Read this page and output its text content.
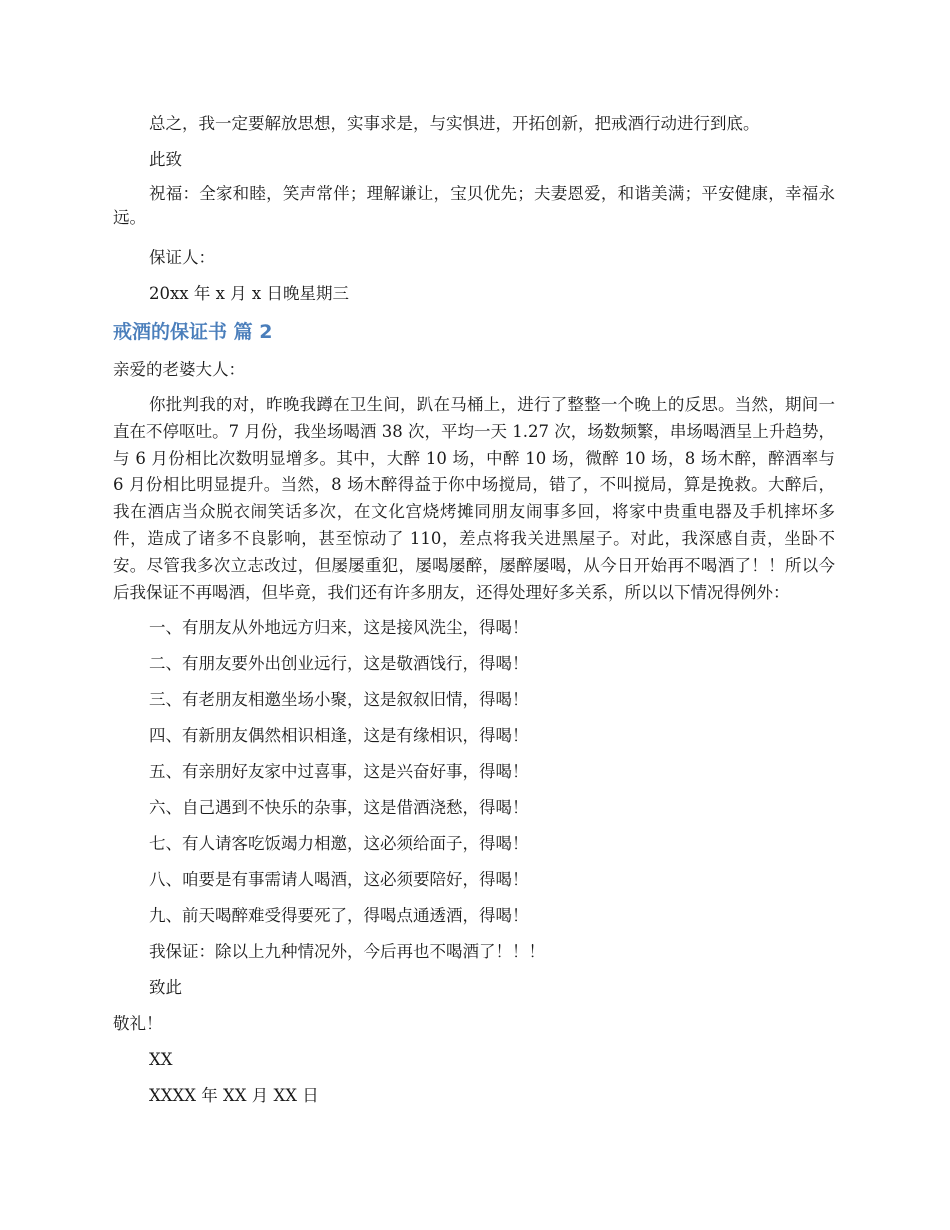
总之，我一定要解放思想，实事求是，与实惧进，开拓创新，把戒酒行动进行到底。

此致

祝福：全家和睦，笑声常伴；理解谦让，宝贝优先；夫妻恩爱，和谐美满；平安健康，幸福永远。

保证人：

20xx 年 x 月 x 日晚星期三

戒酒的保证书 篇 2

亲爱的老婆大人：

你批判我的对，昨晚我蹲在卫生间，趴在马桶上，进行了整整一个晚上的反思。当然，期间一直在不停呕吐。7 月份，我坐场喝酒 38 次，平均一天 1.27 次，场数频繁，串场喝酒呈上升趋势，与 6 月份相比次数明显增多。其中，大醉 10 场，中醉 10 场，微醉 10 场，8 场木醉，醉酒率与 6 月份相比明显提升。当然，8 场木醉得益于你中场搅局，错了，不叫搅局，算是挽救。大醉后，我在酒店当众脱衣闹笑话多次，在文化宫烧烤摊同朋友闹事多回，将家中贵重电器及手机摔坏多件，造成了诸多不良影响，甚至惊动了 110，差点将我关进黑屋子。对此，我深感自责，坐卧不安。尽管我多次立志改过，但屡屡重犯，屡喝屡醉，屡醉屡喝，从今日开始再不喝酒了！！所以今后我保证不再喝酒，但毕竟，我们还有许多朋友，还得处理好多关系，所以以下情况得例外：

一、有朋友从外地远方归来，这是接风洗尘，得喝！

二、有朋友要外出创业远行，这是敬酒饯行，得喝！

三、有老朋友相邀坐场小聚，这是叙叙旧情，得喝！

四、有新朋友偶然相识相逢，这是有缘相识，得喝！

五、有亲朋好友家中过喜事，这是兴奋好事，得喝！

六、自己遇到不快乐的杂事，这是借酒浇愁，得喝！

七、有人请客吃饭竭力相邀，这必须给面子，得喝！

八、咱要是有事需请人喝酒，这必须要陪好，得喝！

九、前天喝醉难受得要死了，得喝点通透酒，得喝！

我保证：除以上九种情况外，今后再也不喝酒了！！！

致此

敬礼！

XX

XXXX 年 XX 月 XX 日
